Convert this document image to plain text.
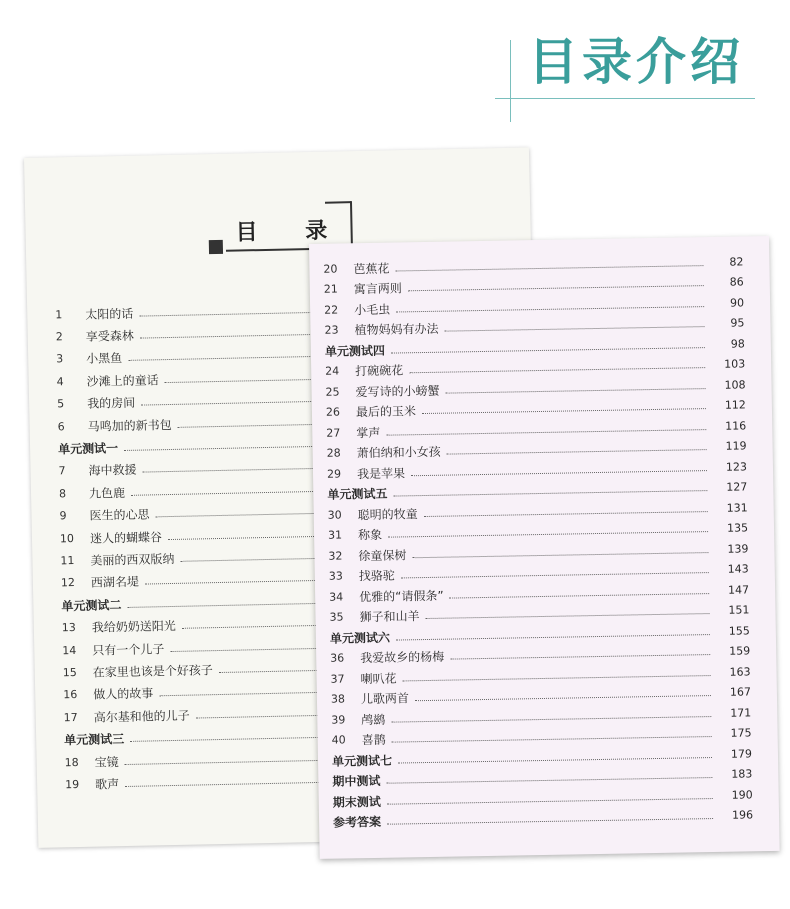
目录介绍
目 录
1	太阳的话
2	享受森林
3	小黑鱼
4	沙滩上的童话
5	我的房间
6	马鸣加的新书包
单元测试一
7	海中救援
8	九色鹿
9	医生的心思
10	迷人的蝴蝶谷
11	美丽的西双版纳
12	西湖名堤
单元测试二
13	我给奶奶送阳光
14	只有一个儿子
15	在家里也该是个好孩子
16	做人的故事
17	高尔基和他的儿子
单元测试三
18	宝镜
19	歌声
20	芭蕉花	82
21	寓言两则	86
22	小毛虫	90
23	植物妈妈有办法	95
单元测试四	98
24	打碗碗花	103
25	爱写诗的小螃蟹	108
26	最后的玉米	112
27	掌声	116
28	萧伯纳和小女孩	119
29	我是苹果	123
单元测试五	127
30	聪明的牧童	131
31	称象	135
32	徐童保树	139
33	找骆驼	143
34	优雅的“请假条”	147
35	狮子和山羊	151
单元测试六	155
36	我爱故乡的杨梅	159
37	喇叭花	163
38	儿歌两首	167
39	鸬鹚	171
40	喜鹊	175
单元测试七	179
期中测试	183
期末测试	190
参考答案	196
